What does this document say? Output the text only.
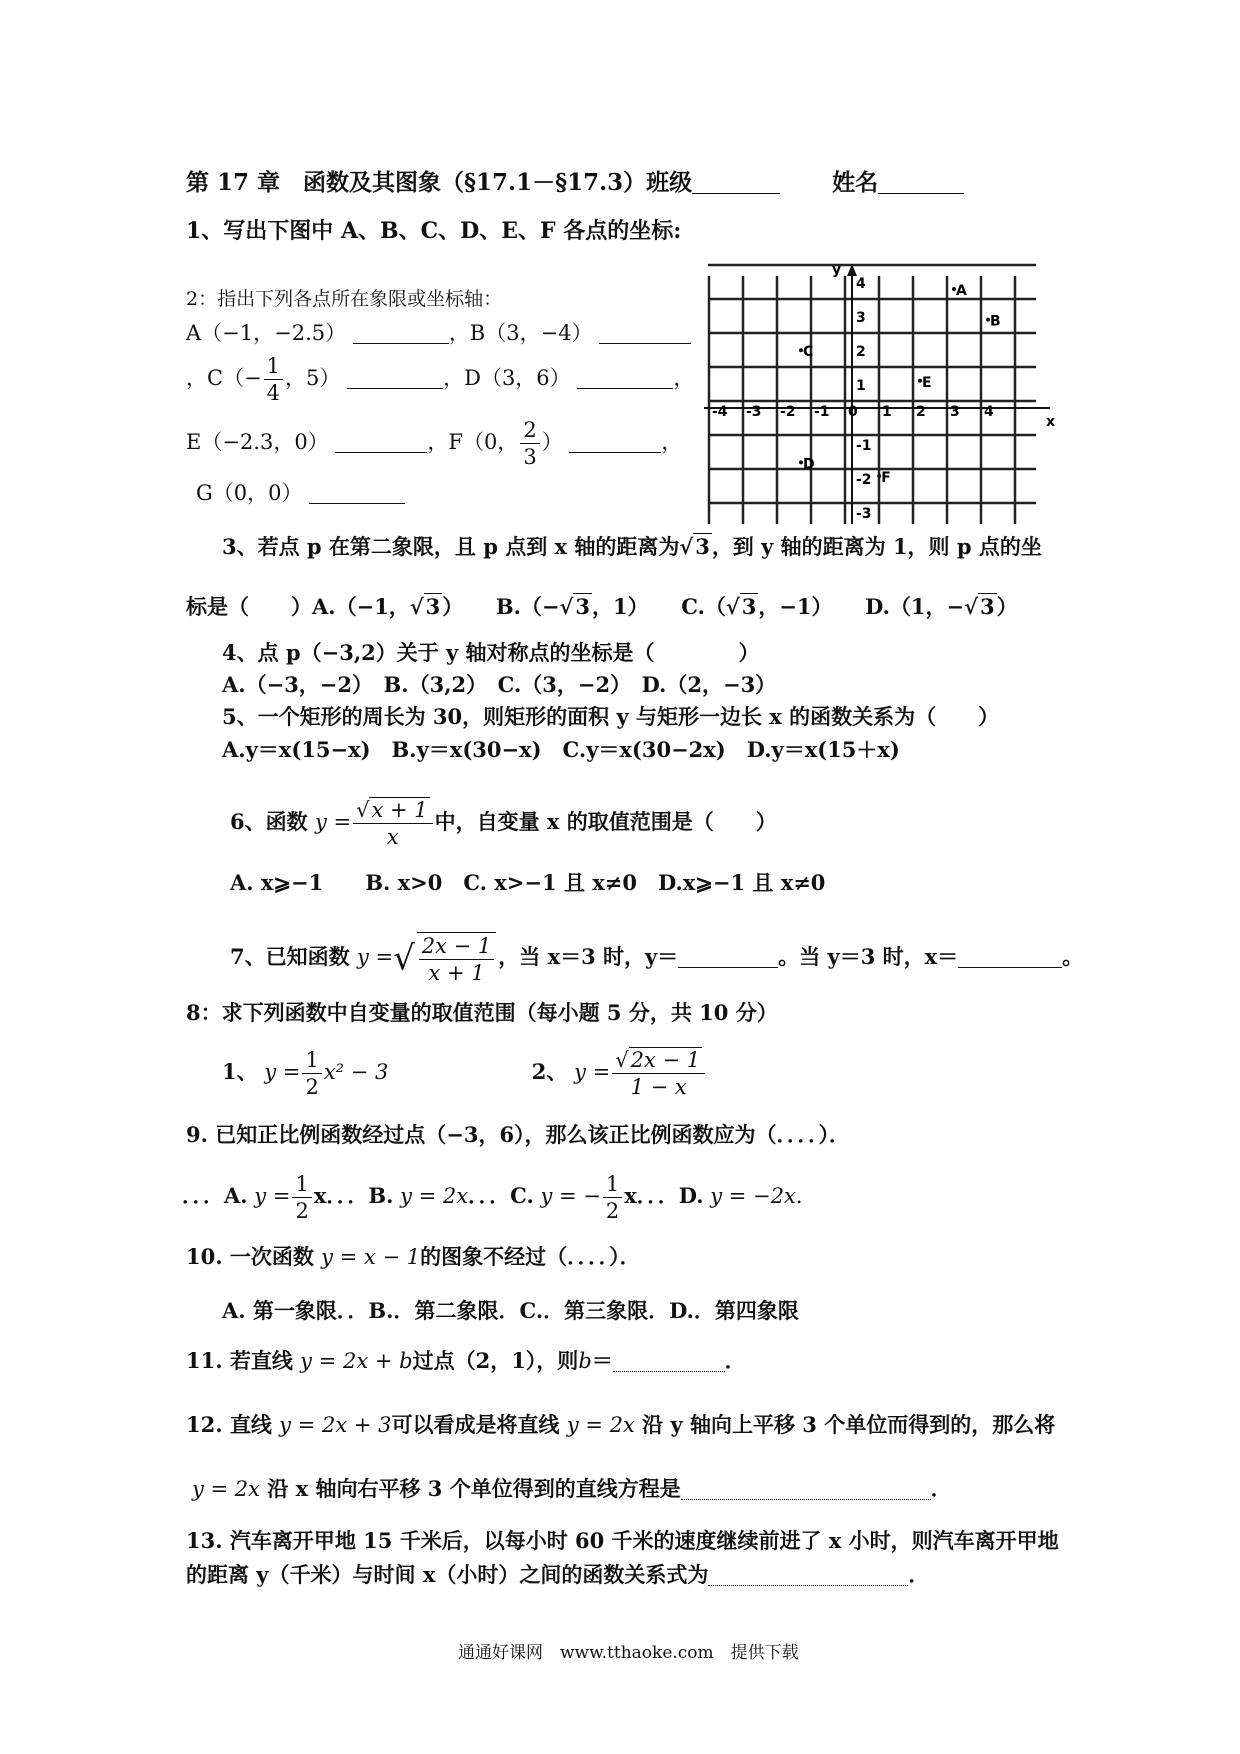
第 17 章　函数及其图象（§17.1－§17.3）班级	姓名
1、写出下图中 A、B、C、D、E、F 各点的坐标:
2：指出下列各点所在象限或坐标轴：
A（−1，−2.5）	，B（3，−4）
，$C(- \frac{1}{4}$ ，5）	，D（3，6）	，
E（−2.3，0）	，F（0， $\frac{2}{3}$ ）	，
G（0，0）
x
y
-4 -3 -2 -1 0 1 2 3 4
1
2
3
4
-1
-2
-3
A
B
C
D
E
F
3、若点 p 在第二象限，且 p 点到 x 轴的距离为√3，到 y 轴的距离为 1，则 p 点的坐
标是（　　）A.（−1，√3） B.（−√3，1） C.（√3，−1） D.（1，−√3）
4、点 p（−3,2）关于 y 轴对称点的坐标是（　　　　）
A.（−3，−2）　B.（3,2）　C.（3，−2）　D.（2，−3）
5、一个矩形的周长为 30，则矩形的面积 y 与矩形一边长 x 的函数关系为（　　）
A.y＝x(15−x)　B.y＝x(30−x)　C.y＝x(30−2x)　D.y＝x(15＋x)
6、函数 $y = \frac{√x + 1}{x}$ 中，自变量 x 的取值范围是（　　）
A. x⩾−1　　B. x>0　C. x>−1 且 x≠0　D.x⩾−1 且 x≠0
7、已知函数 y =√ $\frac{2x - 1}{x + 1}$ ，当 x＝3 时，y＝	。当 y＝3 时，x＝	。
8：求下列函数中自变量的取值范围（每小题 5 分，共 10 分）
1、 $y = \frac{1}{2} x^2 - 3$	2、 $y = \frac{√2x - 1}{1 - x}$
9. 已知正比例函数经过点（−3，6），那么该正比例函数应为（．．．．）．
．．．A. $y = \frac{1}{2}$ x．．．B. y = 2x．．．C. y = − $\frac{1}{2}$ x．．．D. y = −2x．
10. 一次函数 y = x − 1的图象不经过（．．．．）．
A. 第一象限．．B.．第二象限．C.．第三象限．D.．第四象限
11. 若直线 y = 2x + b过点（2，1），则b＝	．
12. 直线 y = 2x + 3可以看成是将直线 y = 2x 沿 y 轴向上平移 3 个单位而得到的，那么将
y = 2x 沿 x 轴向右平移 3 个单位得到的直线方程是	．
13. 汽车离开甲地 15 千米后，以每小时 60 千米的速度继续前进了 x 小时，则汽车离开甲地
的距离 y（千米）与时间 x（小时）之间的函数关系式为	．
通通好课网　www.tthaoke.com　提供下载
